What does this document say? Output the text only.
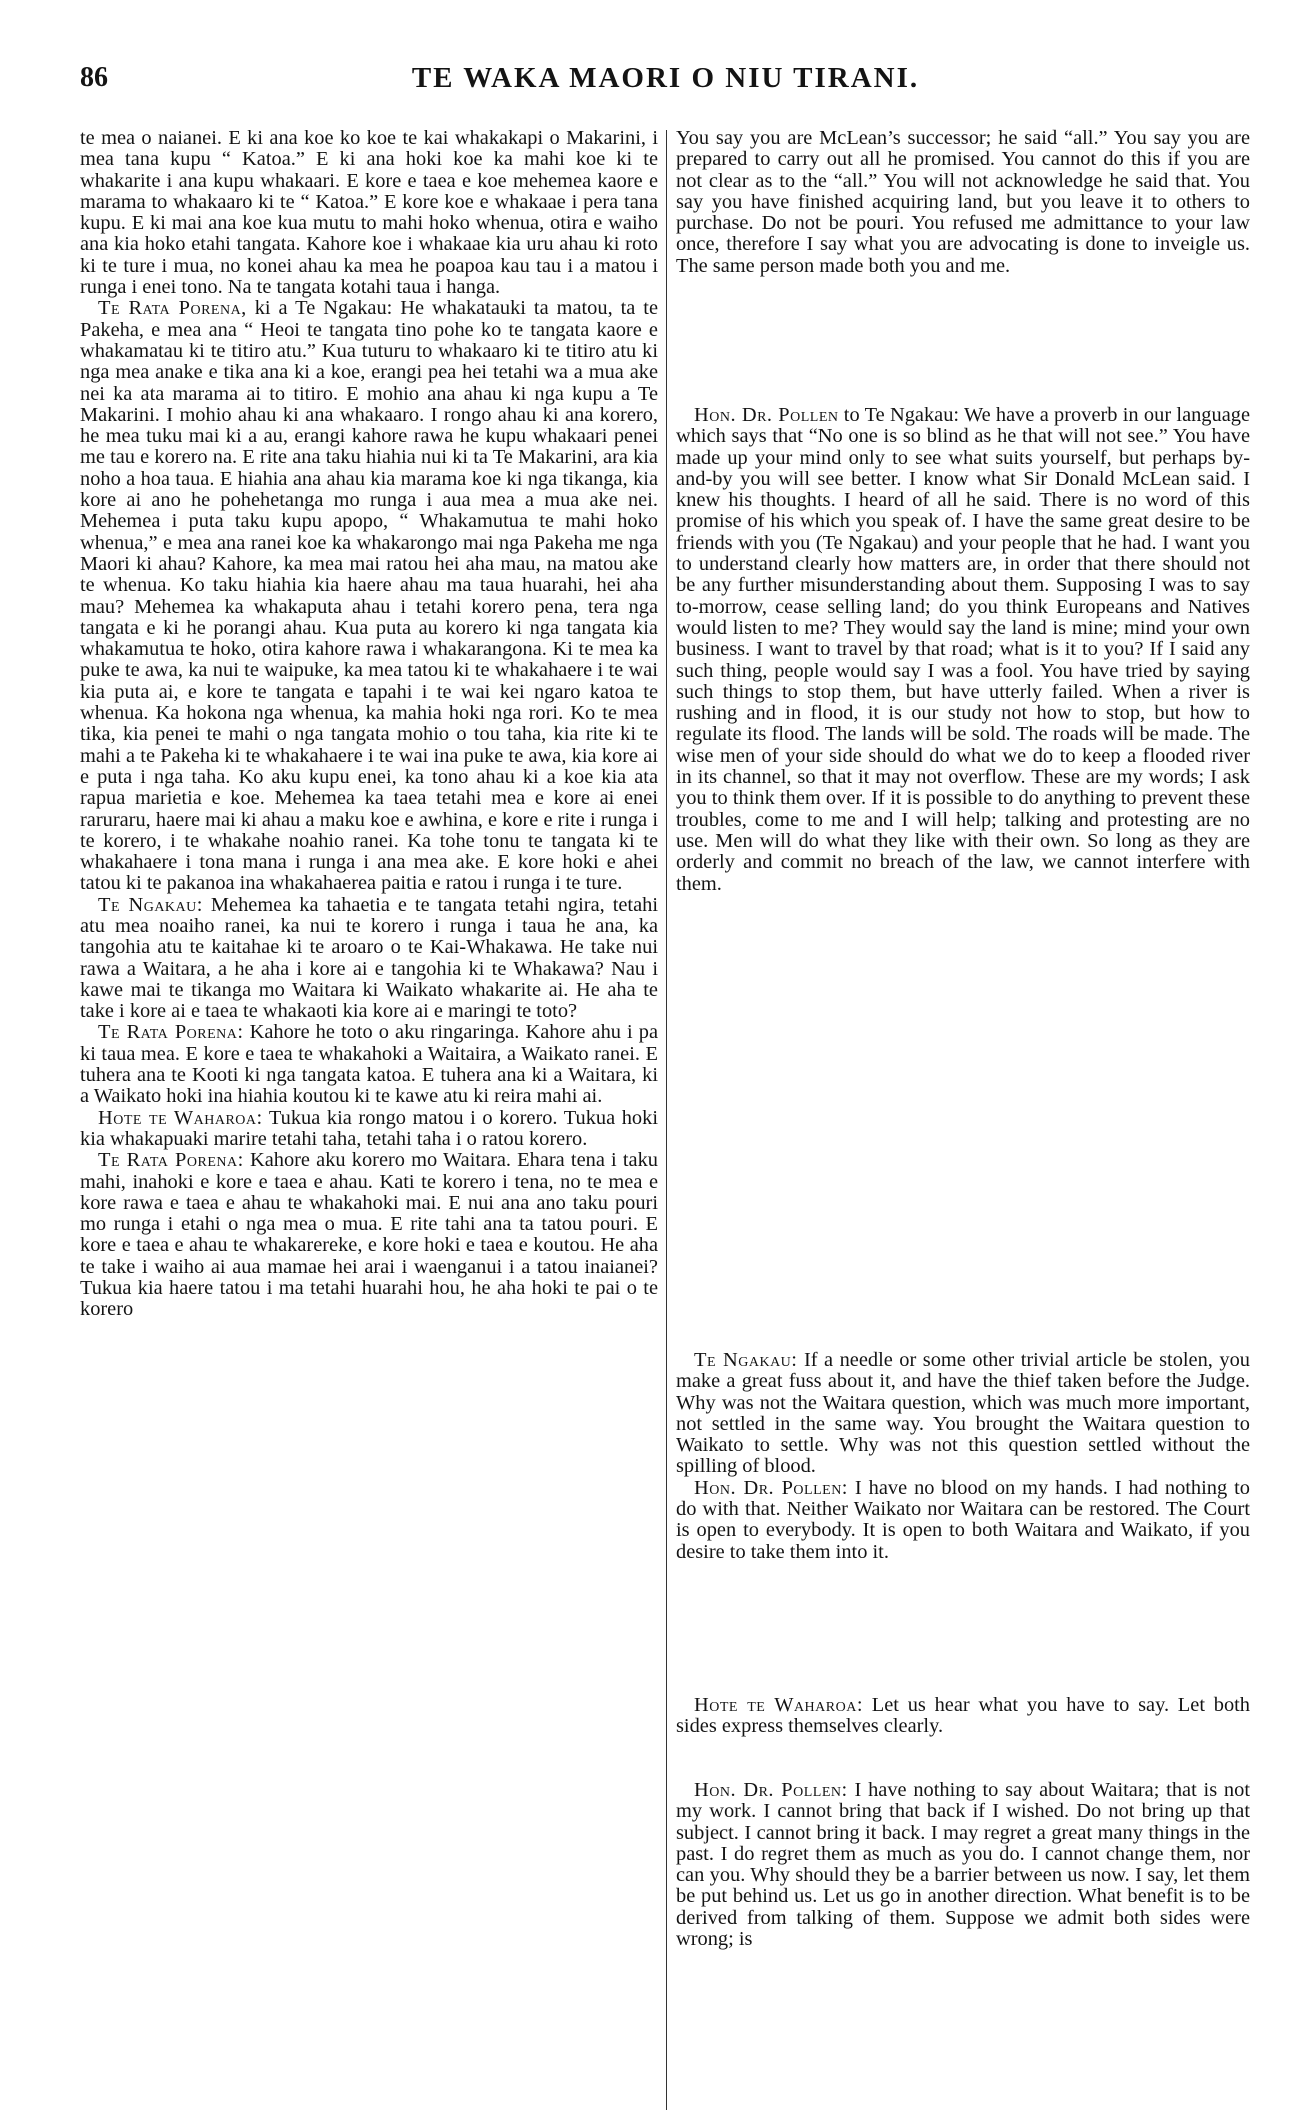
86	TE WAKA MAORI O NIU TIRANI.

te mea o naianei. E ki ana koe ko koe te kai whakakapi o Makarini, i mea tana kupu “ Katoa.” E ki ana hoki koe ka mahi koe ki te whakarite i ana kupu whakaari. E kore e taea e koe mehemea kaore e marama to whakaaro ki te “ Katoa.” E kore koe e whakaae i pera tana kupu. E ki mai ana koe kua mutu to mahi hoko whenua, otira e waiho ana kia hoko etahi tangata. Kahore koe i whakaae kia uru ahau ki roto ki te ture i mua, no konei ahau ka mea he poapoa kau tau i a matou i runga i enei tono. Na te tangata kotahi taua i hanga.

Te Rata Porena, ki a Te Ngakau: He whakatauki ta matou, ta te Pakeha, e mea ana “ Heoi te tangata tino pohe ko te tangata kaore e whakamatau ki te titiro atu.” Kua tuturu to whakaaro ki te titiro atu ki nga mea anake e tika ana ki a koe, erangi pea hei tetahi wa a mua ake nei ka ata marama ai to titiro. E mohio ana ahau ki nga kupu a Te Makarini. I mohio ahau ki ana whakaaro. I rongo ahau ki ana korero, he mea tuku mai ki a au, erangi kahore rawa he kupu whakaari penei me tau e korero na. E rite ana taku hiahia nui ki ta Te Makarini, ara kia noho a hoa taua. E hiahia ana ahau kia marama koe ki nga tikanga, kia kore ai ano he pohehetanga mo runga i aua mea a mua ake nei. Mehemea i puta taku kupu apopo, “ Whakamutua te mahi hoko whenua,” e mea ana ranei koe ka whakarongo mai nga Pakeha me nga Maori ki ahau? Kahore, ka mea mai ratou hei aha mau, na matou ake te whenua. Ko taku hiahia kia haere ahau ma taua huarahi, hei aha mau? Mehemea ka whakaputa ahau i tetahi korero pena, tera nga tangata e ki he porangi ahau. Kua puta au korero ki nga tangata kia whakamutua te hoko, otira kahore rawa i whakarangona. Ki te mea ka puke te awa, ka nui te waipuke, ka mea tatou ki te whakahaere i te wai kia puta ai, e kore te tangata e tapahi i te wai kei ngaro katoa te whenua. Ka hokona nga whenua, ka mahia hoki nga rori. Ko te mea tika, kia penei te mahi o nga tangata mohio o tou taha, kia rite ki te mahi a te Pakeha ki te whakahaere i te wai ina puke te awa, kia kore ai e puta i nga taha. Ko aku kupu enei, ka tono ahau ki a koe kia ata rapua marietia e koe. Mehemea ka taea tetahi mea e kore ai enei raruraru, haere mai ki ahau a maku koe e awhina, e kore e rite i runga i te korero, i te whakahe noahio ranei. Ka tohe tonu te tangata ki te whakahaere i tona mana i runga i ana mea ake. E kore hoki e ahei tatou ki te pakanoa ina whakahaerea paitia e ratou i runga i te ture.

Te Ngakau: Mehemea ka tahaetia e te tangata tetahi ngira, tetahi atu mea noaiho ranei, ka nui te korero i runga i taua he ana, ka tangohia atu te kaitahae ki te aroaro o te Kai-Whakawa. He take nui rawa a Waitara, a he aha i kore ai e tangohia ki te Whakawa? Nau i kawe mai te tikanga mo Waitara ki Waikato whakarite ai. He aha te take i kore ai e taea te whakaoti kia kore ai e maringi te toto?

Te Rata Porena: Kahore he toto o aku ringaringa. Kahore ahu i pa ki taua mea. E kore e taea te whakahoki a Waitaira, a Waikato ranei. E tuhera ana te Kooti ki nga tangata katoa. E tuhera ana ki a Waitara, ki a Waikato hoki ina hiahia koutou ki te kawe atu ki reira mahi ai.

Hote te Waharoa: Tukua kia rongo matou i o korero. Tukua hoki kia whakapuaki marire tetahi taha, tetahi taha i o ratou korero.

Te Rata Porena: Kahore aku korero mo Waitara. Ehara tena i taku mahi, inahoki e kore e taea e ahau. Kati te korero i tena, no te mea e kore rawa e taea e ahau te whakahoki mai. E nui ana ano taku pouri mo runga i etahi o nga mea o mua. E rite tahi ana ta tatou pouri. E kore e taea e ahau te whakarereke, e kore hoki e taea e koutou. He aha te take i waiho ai aua mamae hei arai i waenganui i a tatou inaianei? Tukua kia haere tatou i ma tetahi huarahi hou, he aha hoki te pai o te korero

You say you are McLean’s successor; he said “all.” You say you are prepared to carry out all he promised. You cannot do this if you are not clear as to the “all.” You will not acknowledge he said that. You say you have finished acquiring land, but you leave it to others to purchase. Do not be pouri. You refused me admittance to your law once, therefore I say what you are advocating is done to inveigle us. The same person made both you and me.

Hon. Dr. Pollen to Te Ngakau: We have a proverb in our language which says that “No one is so blind as he that will not see.” You have made up your mind only to see what suits yourself, but perhaps by-and-by you will see better. I know what Sir Donald McLean said. I knew his thoughts. I heard of all he said. There is no word of this promise of his which you speak of. I have the same great desire to be friends with you (Te Ngakau) and your people that he had. I want you to understand clearly how matters are, in order that there should not be any further misunderstanding about them. Supposing I was to say to-morrow, cease selling land; do you think Europeans and Natives would listen to me? They would say the land is mine; mind your own business. I want to travel by that road; what is it to you? If I said any such thing, people would say I was a fool. You have tried by saying such things to stop them, but have utterly failed. When a river is rushing and in flood, it is our study not how to stop, but how to regulate its flood. The lands will be sold. The roads will be made. The wise men of your side should do what we do to keep a flooded river in its channel, so that it may not overflow. These are my words; I ask you to think them over. If it is possible to do anything to prevent these troubles, come to me and I will help; talking and protesting are no use. Men will do what they like with their own. So long as they are orderly and commit no breach of the law, we cannot interfere with them.

Te Ngakau: If a needle or some other trivial article be stolen, you make a great fuss about it, and have the thief taken before the Judge. Why was not the Waitara question, which was much more important, not settled in the same way. You brought the Waitara question to Waikato to settle. Why was not this question settled without the spilling of blood.

Hon. Dr. Pollen: I have no blood on my hands. I had nothing to do with that. Neither Waikato nor Waitara can be restored. The Court is open to everybody. It is open to both Waitara and Waikato, if you desire to take them into it.

Hote te Waharoa: Let us hear what you have to say. Let both sides express themselves clearly.

Hon. Dr. Pollen: I have nothing to say about Waitara; that is not my work. I cannot bring that back if I wished. Do not bring up that subject. I cannot bring it back. I may regret a great many things in the past. I do regret them as much as you do. I cannot change them, nor can you. Why should they be a barrier between us now. I say, let them be put behind us. Let us go in another direction. What benefit is to be derived from talking of them. Suppose we admit both sides were wrong; is
